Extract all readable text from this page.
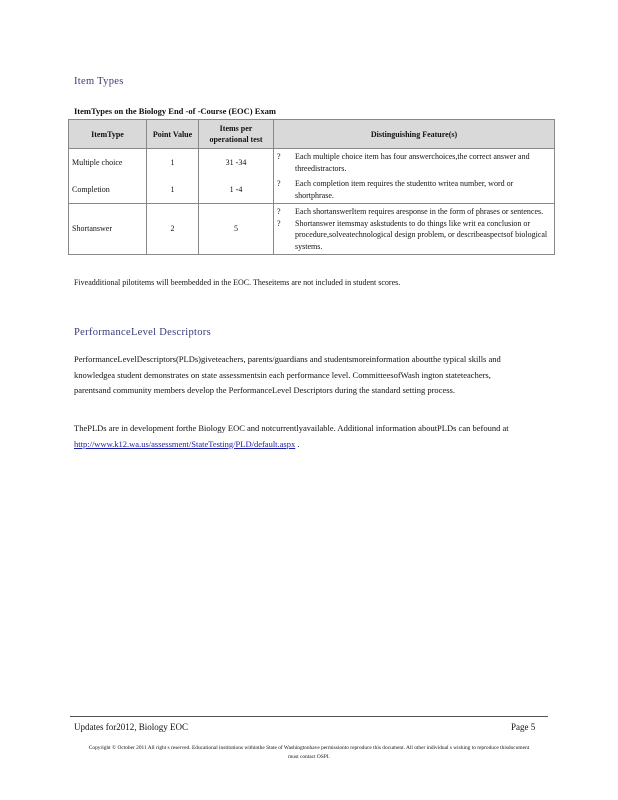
Item Types
ItemTypes on the Biology End -of -Course (EOC) Exam
ItemType	Point Value	Items per operational test	Distinguishing Feature(s)
Multiple choice	1	31 -34	? Each multiple choice item has four answerchoices,the correct answer and threedistractors.

Completion	1	1 -4	? Each completion item requires the studentto writea number, word or shortphrase.

Shortanswer	2	5	? Each shortanswerItem requires aresponse in the form of phrases or sentences.
? Shortanswer itemsmay askstudents to do things like writ ea conclusion or procedure,solveatechnological design problem, or describeaspectsof biological systems.
Fiveadditional pilotitems will beembedded in the EOC. Theseitems are not included in student scores.
PerformanceLevel Descriptors
PerformanceLevelDescriptors(PLDs)giveteachers, parents/guardians and studentsmoreinformation aboutthe typical skills and knowledgea student demonstrates on state assessmentsin each performance level. CommitteesofWash ington stateteachers, parentsand community members develop the PerformanceLevel Descriptors during the standard setting process.
ThePLDs are in development forthe Biology EOC and notcurrentlyavailable. Additional information aboutPLDs can befound at http://www.k12.wa.us/assessment/StateTesting/PLD/default.aspx .
Updates for2012, Biology EOC	Page 5
Copyright © October 2011 All right s reserved. Educational institutions withinthe State of Washingtonhave permissionto reproduce this document. All other individual s wishing to reproduce thisdocument must contact OSPI.
